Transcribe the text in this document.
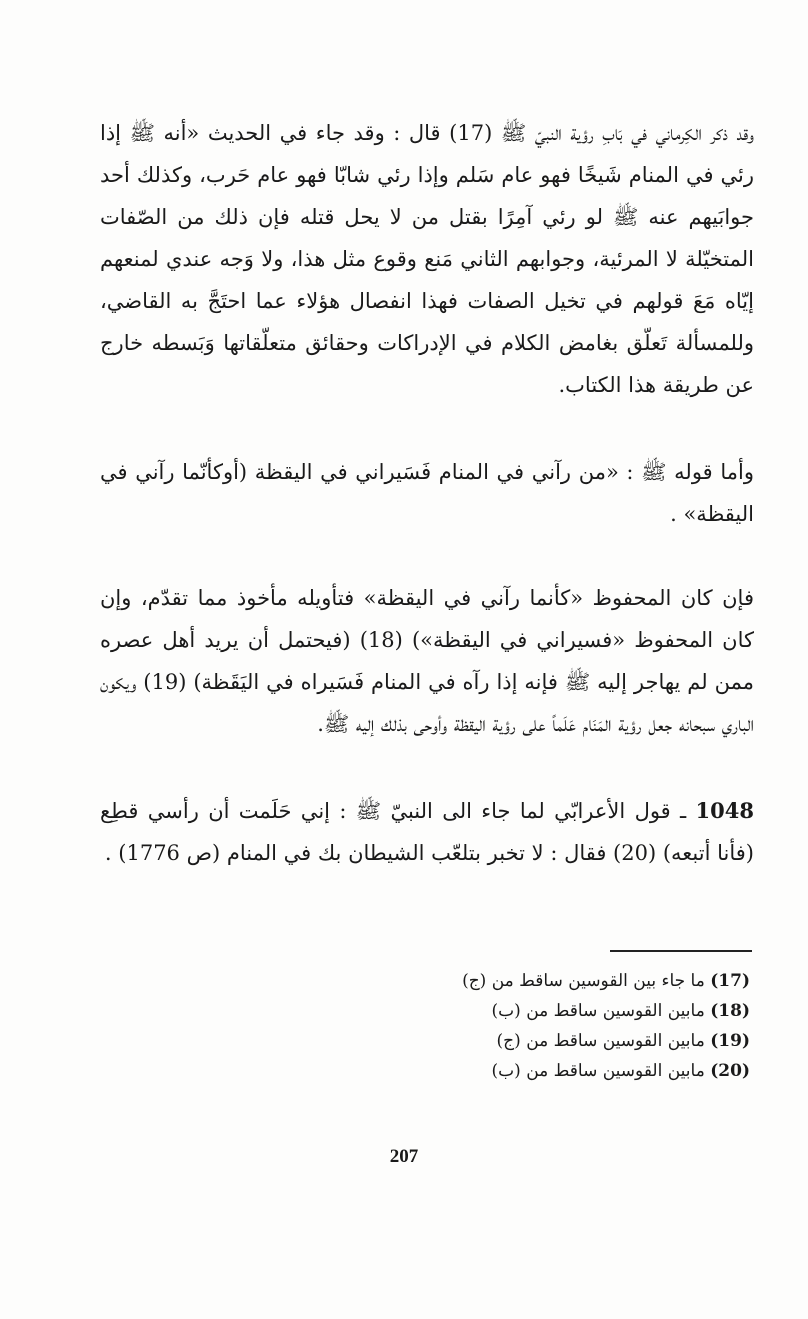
وقد ذكر الكِرماني في بَابِ رؤية النبيّ ﷺ (17) قال : وقد جاء في الحديث «أنه ﷺ إذا رئي في المنام شَيخًا فهو عام سَلم وإذا رئي شابّا فهو عام حَرب، وكذلك أحد جوابَيهم عنه ﷺ لو رئي آمِرًا بقتل من لا يحل قتله فإن ذلك من الصّفات المتخيّلة لا المرئية، وجوابهم الثاني مَنع وقوع مثل هذا، ولا وَجه عندي لمنعهم إيّاه مَعَ قولهم في تخيل الصفات فهذا انفصال هؤلاء عما احتَجَّ به القاضي، وللمسألة تَعلّق بغامض الكلام في الإدراكات وحقائق متعلّقاتها وَبَسطه خارج عن طريقة هذا الكتاب.
وأما قوله ﷺ : «من رآني في المنام فَسَيراني في اليقظة (أوكأنّما رآني في اليقظة» .
فإن كان المحفوظ «كأنما رآني في اليقظة» فتأويله مأخوذ مما تقدّم، وإن كان المحفوظ «فسيراني في اليقظة») (18) (فيحتمل أن يريد أهل عصره ممن لم يهاجر إليه ﷺ فإنه إذا رآه في المنام فَسَيراه في اليَقَظة) (19) ويكون الباري سبحانه جعل رؤية المَنَام عَلَماً على رؤية اليقظة وأوحى بذلك إليه ﷺ.
1048 ـ قول الأعرابّي لما جاء الى النبيّ ﷺ : إني حَلَمت أن رأسي قطِع (فأنا أتبعه) (20) فقال : لا تخبر بتلعّب الشيطان بك في المنام (ص 1776) .
(17) ما جاء بين القوسين ساقط من (ج)
(18) مابين القوسين ساقط من (ب)
(19) مابين القوسين ساقط من (ج)
(20) مابين القوسين ساقط من (ب)
207
